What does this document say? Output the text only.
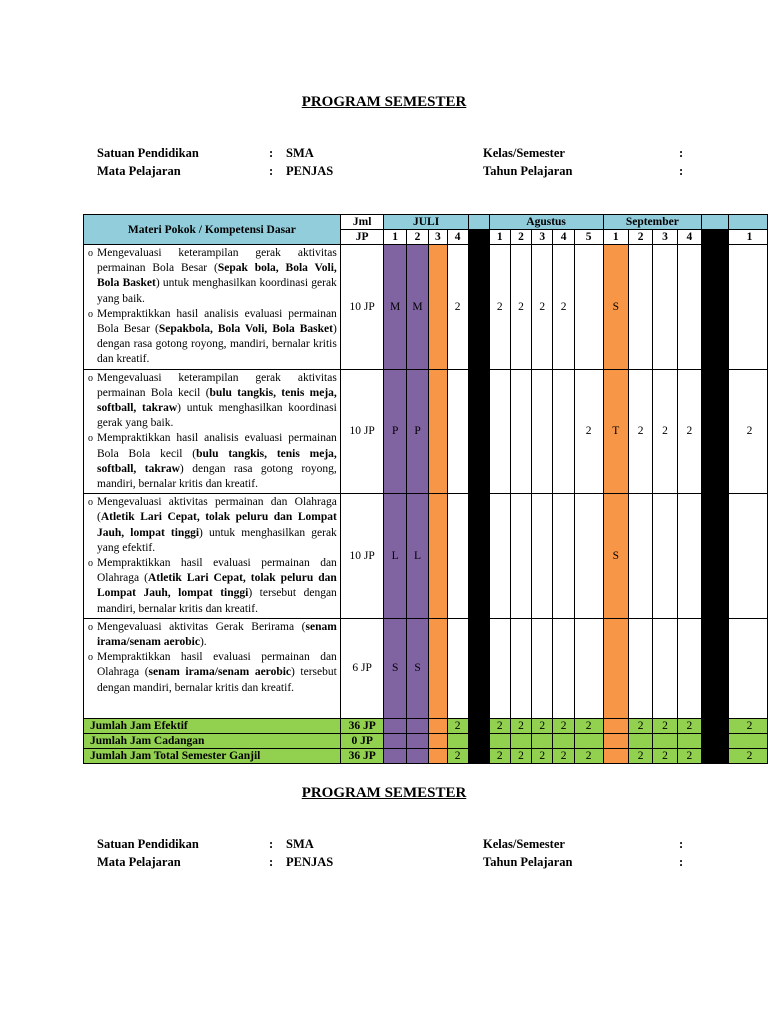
PROGRAM SEMESTER
Satuan Pendidikan	: SMA
Mata Pelajaran	: PENJAS
Kelas/Semester	:
Tahun Pelajaran	:
Materi Pokok / Kompetensi Dasar	Jml	JULI					Agustus					September					
	JP	1	2	3	4		1	2	3	4	5	1	2	3	4		1

o Mengevaluasi keterampilan gerak aktivitas permainan Bola Besar (Sepak bola, Bola Voli, Bola Basket) untuk menghasilkan koordinasi gerak yang baik.
o Mempraktikkan hasil analisis evaluasi permainan Bola Besar (Sepakbola, Bola Voli, Bola Basket) dengan rasa gotong royong, mandiri, bernalar kritis dan kreatif.	10 JP	M	M		2		2	2	2	2		S					

o Mengevaluasi keterampilan gerak aktivitas permainan Bola kecil (bulu tangkis, tenis meja, softball, takraw) untuk menghasilkan koordinasi gerak yang baik.
o Mempraktikkan hasil analisis evaluasi permainan Bola Bola kecil (bulu tangkis, tenis meja, softball, takraw) dengan rasa gotong royong, mandiri, bernalar kritis dan kreatif.	10 JP	P	P								2	T	2	2	2		2

o Mengevaluasi aktivitas permainan dan Olahraga (Atletik Lari Cepat, tolak peluru dan Lompat Jauh, lompat tinggi) untuk menghasilkan gerak yang efektif.
o Mempraktikkan hasil evaluasi permainan dan Olahraga (Atletik Lari Cepat, tolak peluru dan Lompat Jauh, lompat tinggi) tersebut dengan mandiri, bernalar kritis dan kreatif.	10 JP	L	L									S					

o Mengevaluasi aktivitas Gerak Berirama (senam irama/senam aerobic).
o Mempraktikkan hasil evaluasi permainan dan Olahraga (senam irama/senam aerobic) tersebut dengan mandiri, bernalar kritis dan kreatif.	6 JP	S	S														
Jumlah Jam Efektif	36 JP				2		2	2	2	2	2		2	2	2		2
Jumlah Jam Cadangan	0 JP																
Jumlah Jam Total Semester Ganjil	36 JP				2		2	2	2	2	2		2	2	2		2
PROGRAM SEMESTER
Satuan Pendidikan	: SMA
Mata Pelajaran	: PENJAS
Kelas/Semester	:
Tahun Pelajaran	:
